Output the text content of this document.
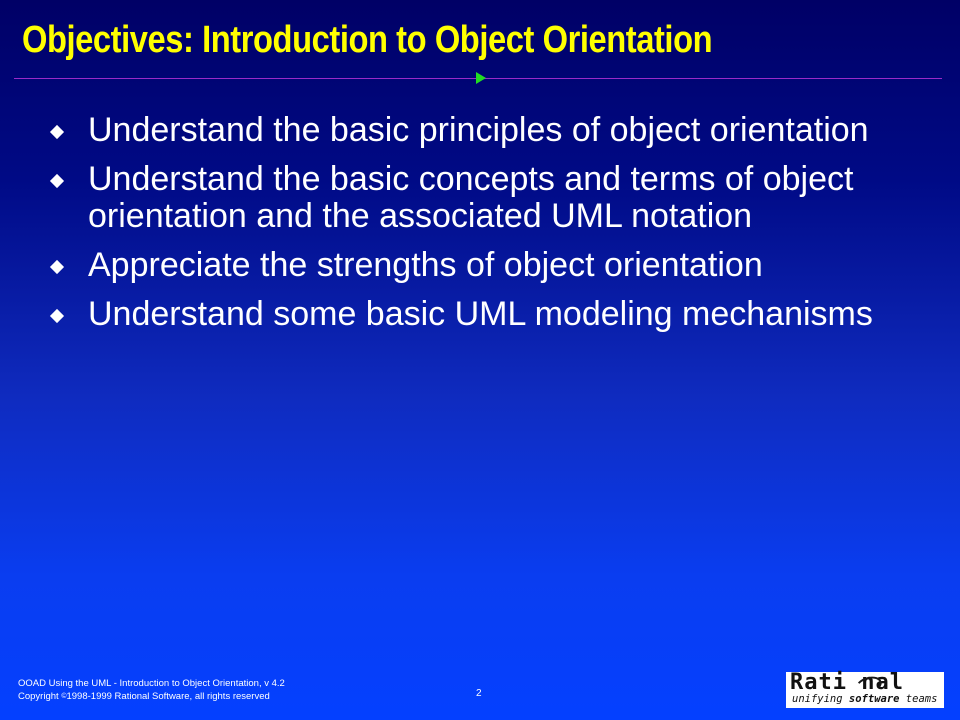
Objectives: Introduction to Object Orientation
Understand the basic principles of object orientation
Understand the basic concepts and terms of object orientation and the associated UML notation
Appreciate the strengths of object orientation
Understand some basic UML modeling mechanisms
OOAD Using the UML - Introduction to Object Orientation, v 4.2
Copyright ©1998-1999 Rational Software, all rights reserved	2	Rati nal
unifying software teams
